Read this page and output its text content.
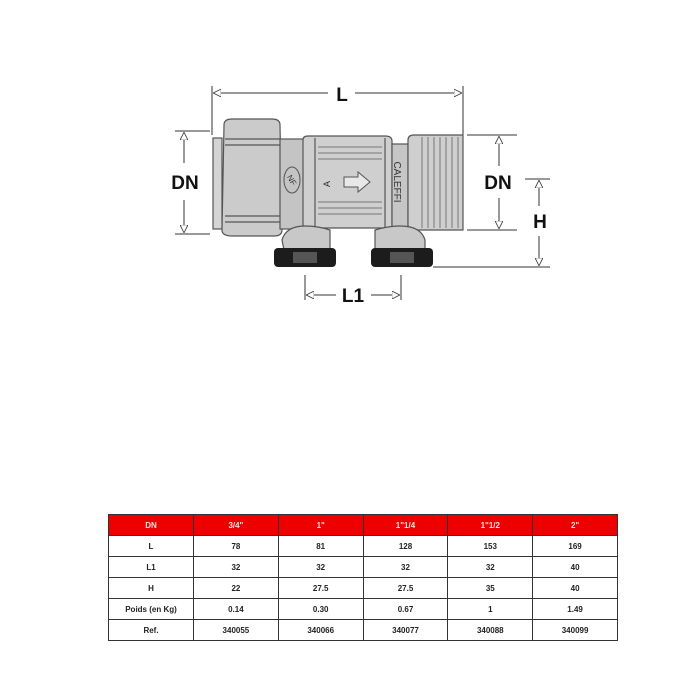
L
DN	DN
H
L1
NF	A	CALEFFI
DN	3/4"	1"	1"1/4	1"1/2	2"
L	78	81	128	153	169
L1	32	32	32	32	40
H	22	27.5	27.5	35	40
Poids (en Kg)	0.14	0.30	0.67	1	1.49
Ref.	340055	340066	340077	340088	340099
